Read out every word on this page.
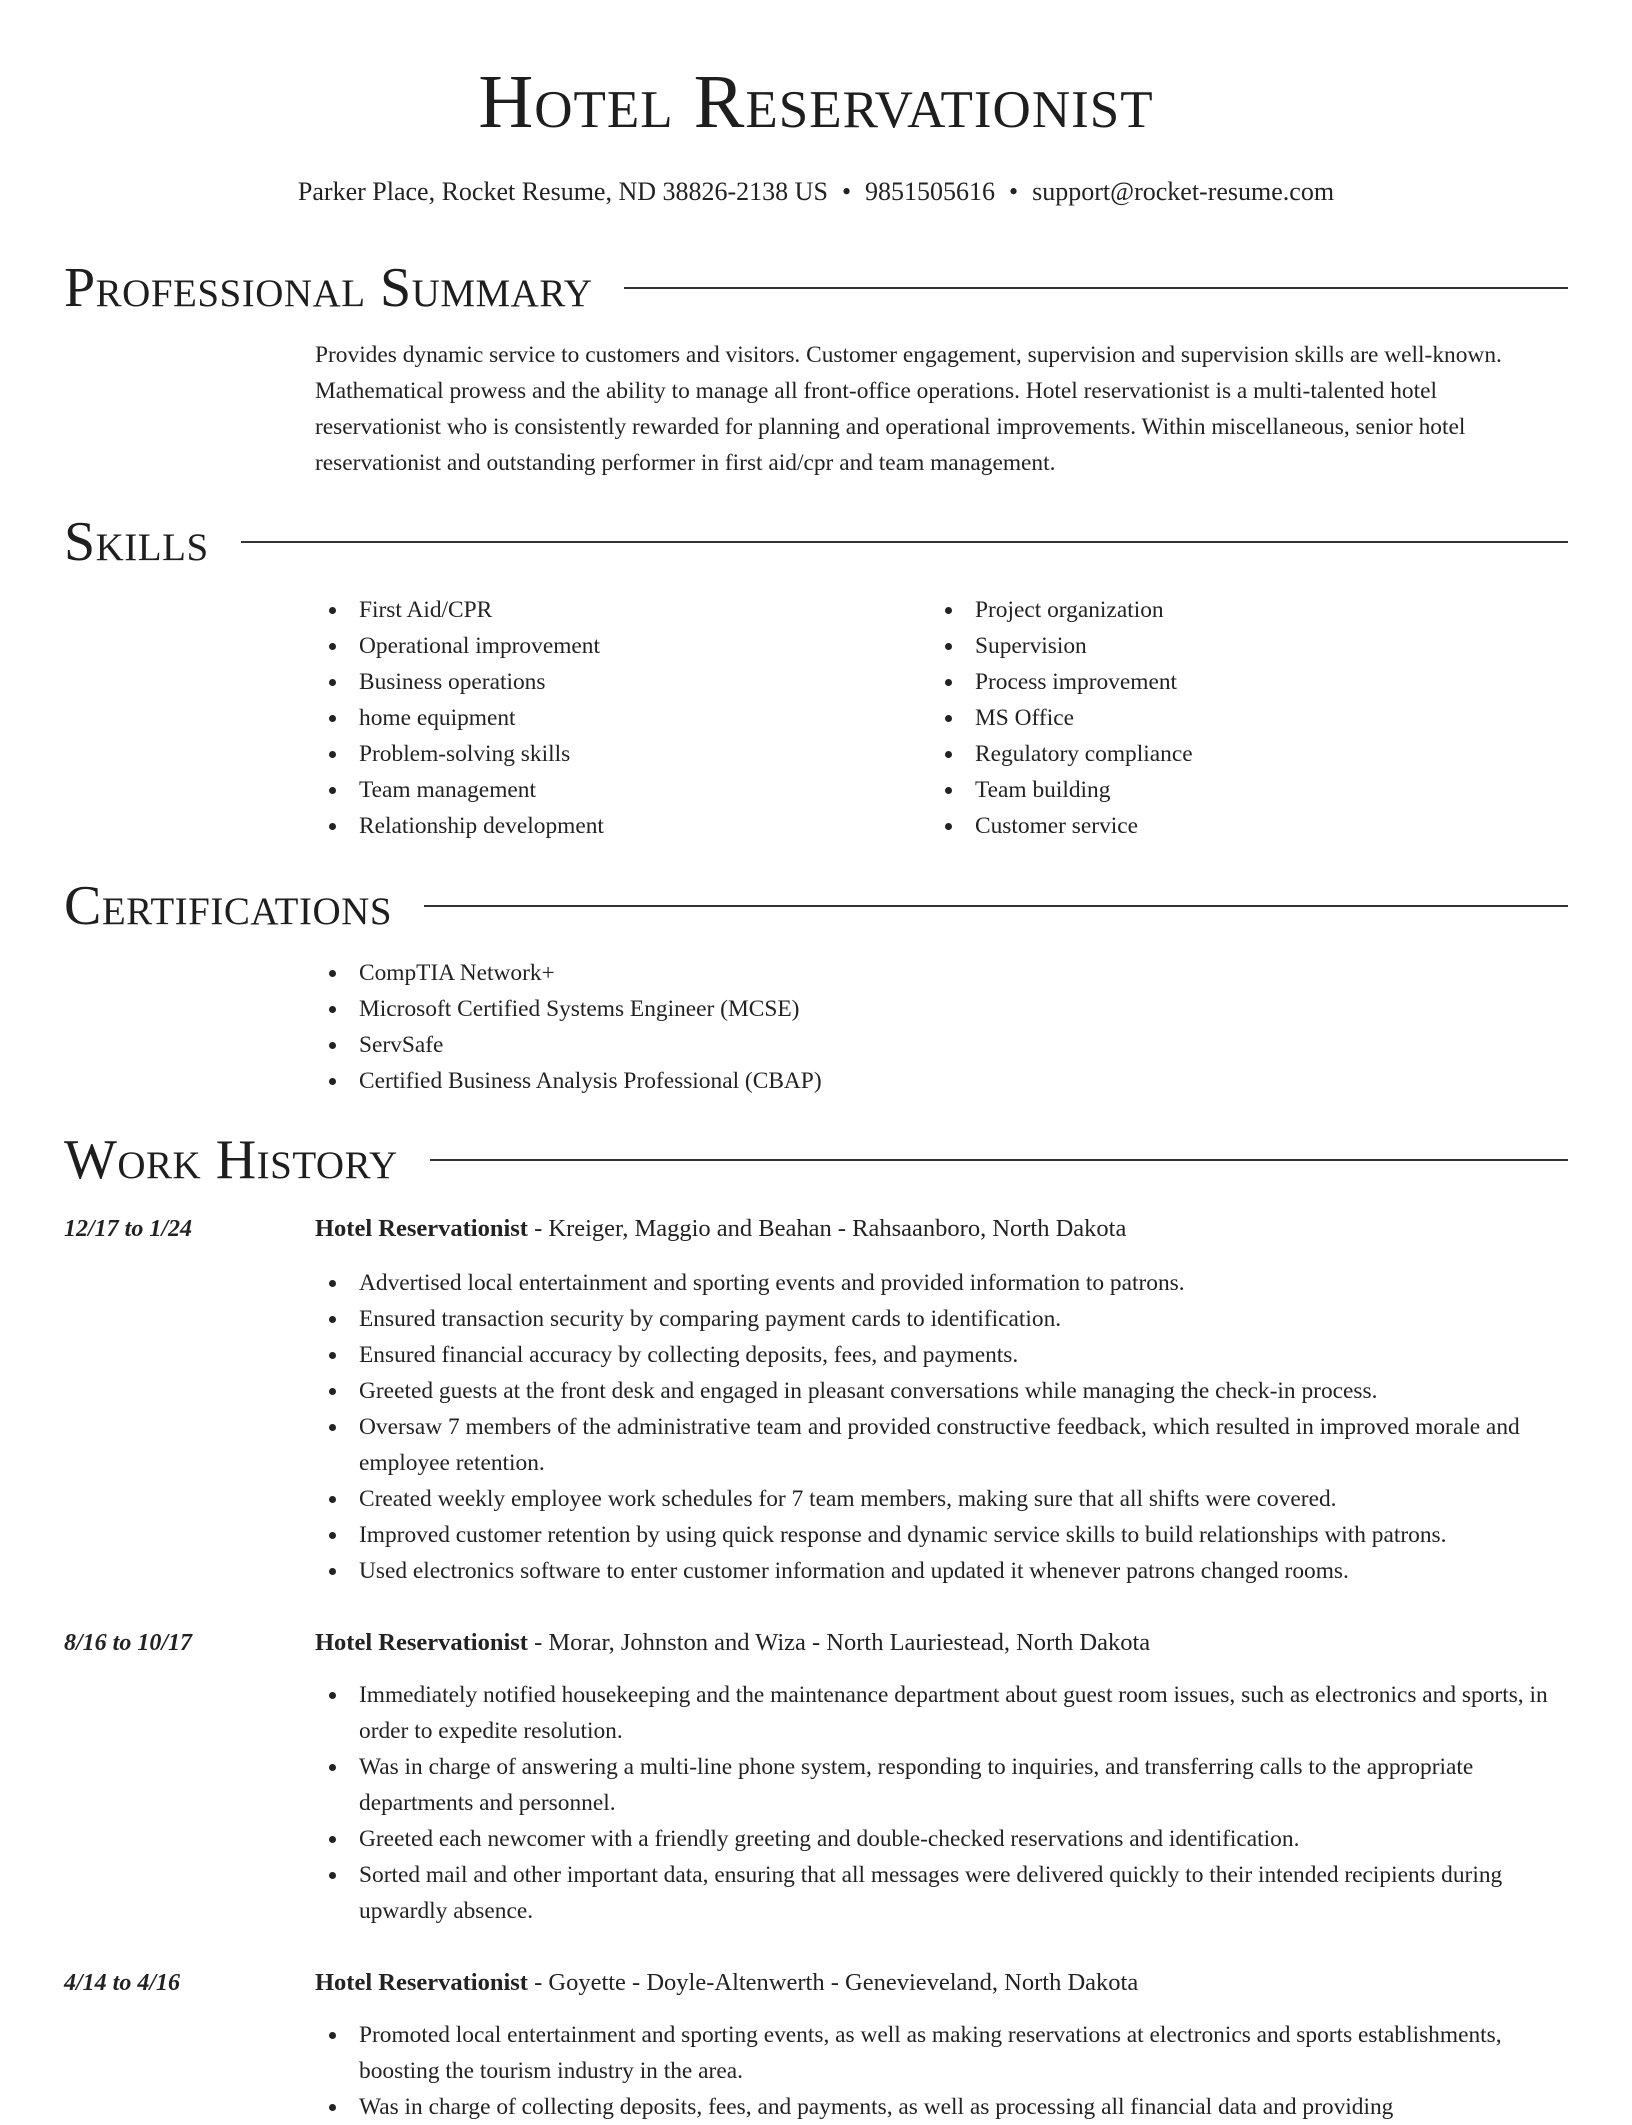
Hotel Reservationist
Parker Place, Rocket Resume, ND 38826-2138 US • 9851505616 • support@rocket-resume.com
Professional Summary

Provides dynamic service to customers and visitors. Customer engagement, supervision and supervision skills are well-known. Mathematical prowess and the ability to manage all front-office operations. Hotel reservationist is a multi-talented hotel reservationist who is consistently rewarded for planning and operational improvements. Within miscellaneous, senior hotel reservationist and outstanding performer in first aid/cpr and team management.

Skills
First Aid/CPR
Operational improvement
Business operations
home equipment
Problem-solving skills
Team management
Relationship development
Project organization
Supervision
Process improvement
MS Office
Regulatory compliance
Team building
Customer service
Certifications
CompTIA Network+
Microsoft Certified Systems Engineer (MCSE)
ServSafe
Certified Business Analysis Professional (CBAP)
Work History
12/17 to 1/24	Hotel Reservationist - Kreiger, Maggio and Beahan - Rahsaanboro, North Dakota
Advertised local entertainment and sporting events and provided information to patrons.
Ensured transaction security by comparing payment cards to identification.
Ensured financial accuracy by collecting deposits, fees, and payments.
Greeted guests at the front desk and engaged in pleasant conversations while managing the check-in process.
Oversaw 7 members of the administrative team and provided constructive feedback, which resulted in improved morale and employee retention.
Created weekly employee work schedules for 7 team members, making sure that all shifts were covered.
Improved customer retention by using quick response and dynamic service skills to build relationships with patrons.
Used electronics software to enter customer information and updated it whenever patrons changed rooms.
8/16 to 10/17	Hotel Reservationist - Morar, Johnston and Wiza - North Lauriestead, North Dakota
Immediately notified housekeeping and the maintenance department about guest room issues, such as electronics and sports, in order to expedite resolution.
Was in charge of answering a multi-line phone system, responding to inquiries, and transferring calls to the appropriate departments and personnel.
Greeted each newcomer with a friendly greeting and double-checked reservations and identification.
Sorted mail and other important data, ensuring that all messages were delivered quickly to their intended recipients during upwardly absence.
4/14 to 4/16	Hotel Reservationist - Goyette - Doyle-Altenwerth - Genevieveland, North Dakota
Promoted local entertainment and sporting events, as well as making reservations at electronics and sports establishments, boosting the tourism industry in the area.
Was in charge of collecting deposits, fees, and payments, as well as processing all financial data and providing
